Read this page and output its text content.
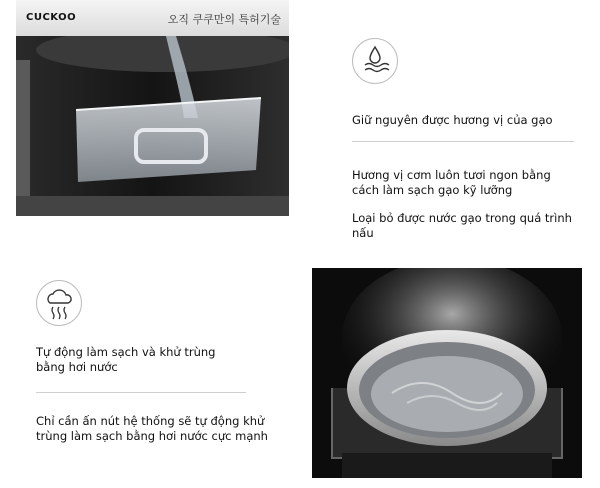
CUCKOO	오직 쿠쿠만의 특허기술
Giữ nguyên được hương vị của gạo
Hương vị cơm luôn tươi ngon bằng cách làm sạch gạo kỹ lưỡng
Loại bỏ được nước gạo trong quá trình nấu
Tự động làm sạch và khử trùng bằng hơi nước
Chỉ cần ấn nút hệ thống sẽ tự động khử trùng làm sạch bằng hơi nước cực mạnh
